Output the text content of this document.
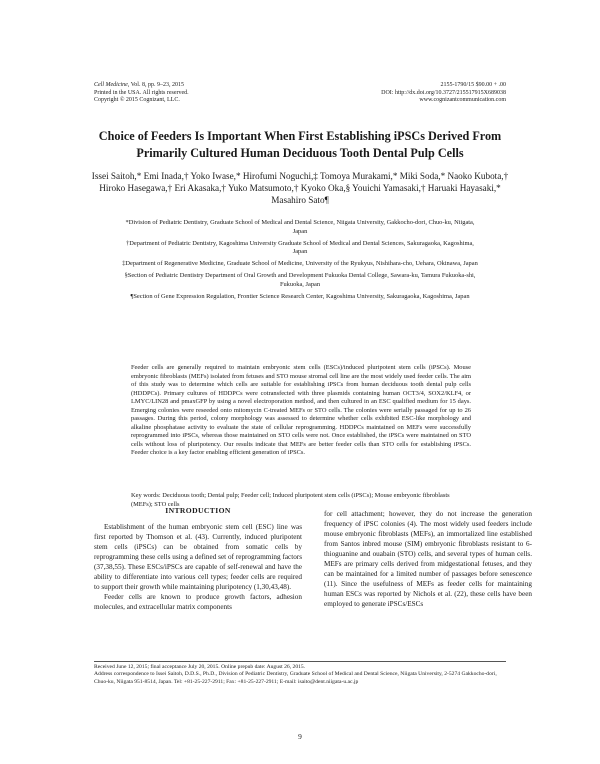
Cell Medicine, Vol. 8, pp. 9–23, 2015
Printed in the USA. All rights reserved.
Copyright © 2015 Cognizant, LLC.
2155-1790/15 $90.00 + .00
DOI: http://dx.doi.org/10.3727/215517915X689038
www.cognizantcommunication.com
Choice of Feeders Is Important When First Establishing iPSCs Derived From Primarily Cultured Human Deciduous Tooth Dental Pulp Cells
Issei Saitoh,* Emi Inada,† Yoko Iwase,* Hirofumi Noguchi,‡ Tomoya Murakami,* Miki Soda,* Naoko Kubota,† Hiroko Hasegawa,† Eri Akasaka,† Yuko Matsumoto,† Kyoko Oka,§ Youichi Yamasaki,† Haruaki Hayasaki,* Masahiro Sato¶
*Division of Pediatric Dentistry, Graduate School of Medical and Dental Science, Niigata University, Gakkocho-dori, Chuo-ku, Niigata, Japan
†Department of Pediatric Dentistry, Kagoshima University Graduate School of Medical and Dental Sciences, Sakuragaoka, Kagoshima, Japan
‡Department of Regenerative Medicine, Graduate School of Medicine, University of the Ryukyus, Nishihara-cho, Uehara, Okinawa, Japan
§Section of Pediatric Dentistry Department of Oral Growth and Development Fukuoka Dental College, Sawara-ku, Tamura Fukuoka-shi, Fukuoka, Japan
¶Section of Gene Expression Regulation, Frontier Science Research Center, Kagoshima University, Sakuragaoka, Kagoshima, Japan
Feeder cells are generally required to maintain embryonic stem cells (ESCs)/induced pluripotent stem cells (iPSCs). Mouse embryonic fibroblasts (MEFs) isolated from fetuses and STO mouse stromal cell line are the most widely used feeder cells. The aim of this study was to determine which cells are suitable for establishing iPSCs from human deciduous tooth dental pulp cells (HDDPCs). Primary cultures of HDDPCs were cotransfected with three plasmids containing human OCT3/4, SOX2/KLF4, or LMYC/LIN28 and pmaxGFP by using a novel electroporation method, and then cultured in an ESC qualified medium for 15 days. Emerging colonies were reseeded onto mitomycin C-treated MEFs or STO cells. The colonies were serially passaged for up to 26 passages. During this period, colony morphology was assessed to determine whether cells exhibited ESC-like morphology and alkaline phosphatase activity to evaluate the state of cellular reprogramming. HDDPCs maintained on MEFs were successfully reprogrammed into iPSCs, whereas those maintained on STO cells were not. Once established, the iPSCs were maintained on STO cells without loss of pluripotency. Our results indicate that MEFs are better feeder cells than STO cells for establishing iPSCs. Feeder choice is a key factor enabling efficient generation of iPSCs.
Key words: Deciduous tooth; Dental pulp; Feeder cell; Induced pluripotent stem cells (iPSCs); Mouse embryonic fibroblasts (MEFs); STO cells
INTRODUCTION

Establishment of the human embryonic stem cell (ESC) line was first reported by Thomson et al. (43). Currently, induced pluripotent stem cells (iPSCs) can be obtained from somatic cells by reprogramming these cells using a defined set of reprogramming factors (37,38,55). These ESCs/iPSCs are capable of self-renewal and have the ability to differentiate into various cell types; feeder cells are required to support their growth while maintaining pluripotency (1,30,43,48).

Feeder cells are known to produce growth factors, adhesion molecules, and extracellular matrix components

for cell attachment; however, they do not increase the generation frequency of iPSC colonies (4). The most widely used feeders include mouse embryonic fibroblasts (MEFs), an immortalized line established from Santos inbred mouse (SIM) embryonic fibroblasts resistant to 6-thioguanine and ouabain (STO) cells, and several types of human cells. MEFs are primary cells derived from midgestational fetuses, and they can be maintained for a limited number of passages before senescence (11). Since the usefulness of MEFs as feeder cells for maintaining human ESCs was reported by Nichols et al. (22), these cells have been employed to generate iPSCs/ESCs

Received June 12, 2015; final acceptance July 20, 2015. Online prepub date: August 26, 2015.
Address correspondence to Issei Saitoh, D.D.S., Ph.D., Division of Pediatric Dentistry, Graduate School of Medical and Dental Science, Niigata University, 2-5274 Gakkocho-dori, Chuo-ku, Niigata 951-8514, Japan. Tel: +81-25-227-2911; Fax: +81-25-227-2911; E-mail: isaito@dent.niigata-u.ac.jp
9
